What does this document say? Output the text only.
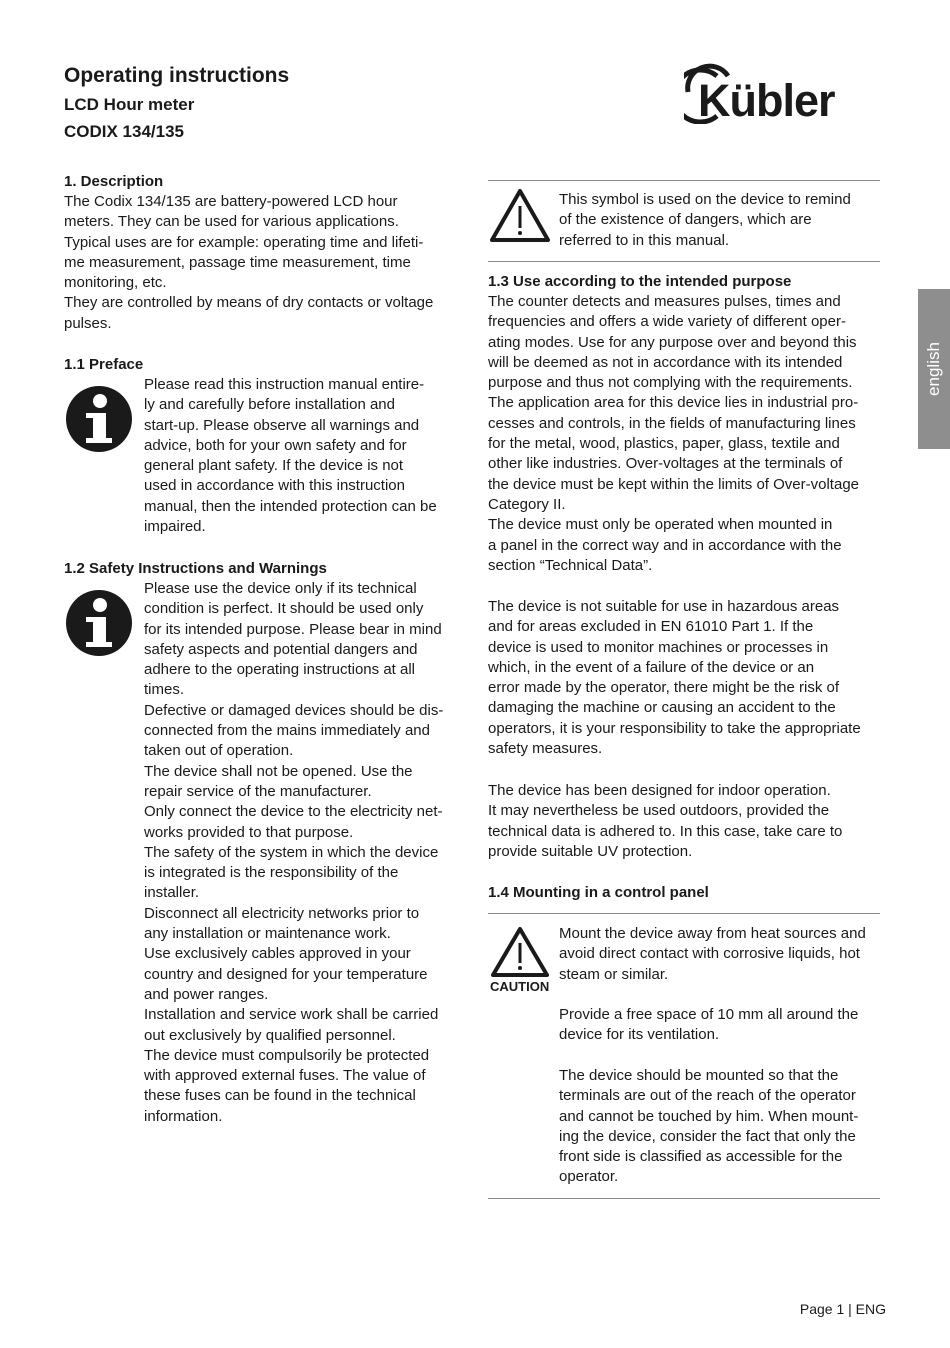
Operating instructions
LCD Hour meter
CODIX 134/135
Kübler
english
1. Description

The Codix 134/135 are battery-powered LCD hour

meters. They can be used for various applications.

Typical uses are for example: operating time and lifeti-

me measurement, passage time measurement, time

monitoring, etc.

They are controlled by means of dry contacts or voltage

pulses.

1.1 Preface

Please read this instruction manual entire-

ly and carefully before installation and

start-up. Please observe all warnings and

advice, both for your own safety and for

general plant safety. If the device is not

used in accordance with this instruction

manual, then the intended protection can be

impaired.

1.2 Safety Instructions and Warnings

Please use the device only if its technical

condition is perfect. It should be used only

for its intended purpose. Please bear in mind

safety aspects and potential dangers and

adhere to the operating instructions at all

times.

Defective or damaged devices should be dis-

connected from the mains immediately and

taken out of operation.

The device shall not be opened. Use the

repair service of the manufacturer.

Only connect the device to the electricity net-

works provided to that purpose.

The safety of the system in which the device

is integrated is the responsibility of the

installer.

Disconnect all electricity networks prior to

any installation or maintenance work.

Use exclusively cables approved in your

country and designed for your temperature

and power ranges.

Installation and service work shall be carried

out exclusively by qualified personnel.

The device must compulsorily be protected

with approved external fuses. The value of

these fuses can be found in the technical

information.

This symbol is used on the device to remind

of the existence of dangers, which are

referred to in this manual.

1.3 Use according to the intended purpose

The counter detects and measures pulses, times and

frequencies and offers a wide variety of different oper-

ating modes. Use for any purpose over and beyond this

will be deemed as not in accordance with its intended

purpose and thus not complying with the requirements.

The application area for this device lies in industrial pro-

cesses and controls, in the fields of manufacturing lines

for the metal, wood, plastics, paper, glass, textile and

other like industries. Over-voltages at the terminals of

the device must be kept within the limits of Over-voltage

Category II.

The device must only be operated when mounted in

a panel in the correct way and in accordance with the

section “Technical Data”.

The device is not suitable for use in hazardous areas

and for areas excluded in EN 61010 Part 1. If the

device is used to monitor machines or processes in

which, in the event of a failure of the device or an

error made by the operator, there might be the risk of

damaging the machine or causing an accident to the

operators, it is your responsibility to take the appropriate

safety measures.

The device has been designed for indoor operation.

It may nevertheless be used outdoors, provided the

technical data is adhered to. In this case, take care to

provide suitable UV protection.

1.4 Mounting in a control panel
CAUTION

Mount the device away from heat sources and

avoid direct contact with corrosive liquids, hot

steam or similar.

Provide a free space of 10 mm all around the

device for its ventilation.

The device should be mounted so that the

terminals are out of the reach of the operator

and cannot be touched by him. When mount-

ing the device, consider the fact that only the

front side is classified as accessible for the

operator.

Page 1 | ENG
